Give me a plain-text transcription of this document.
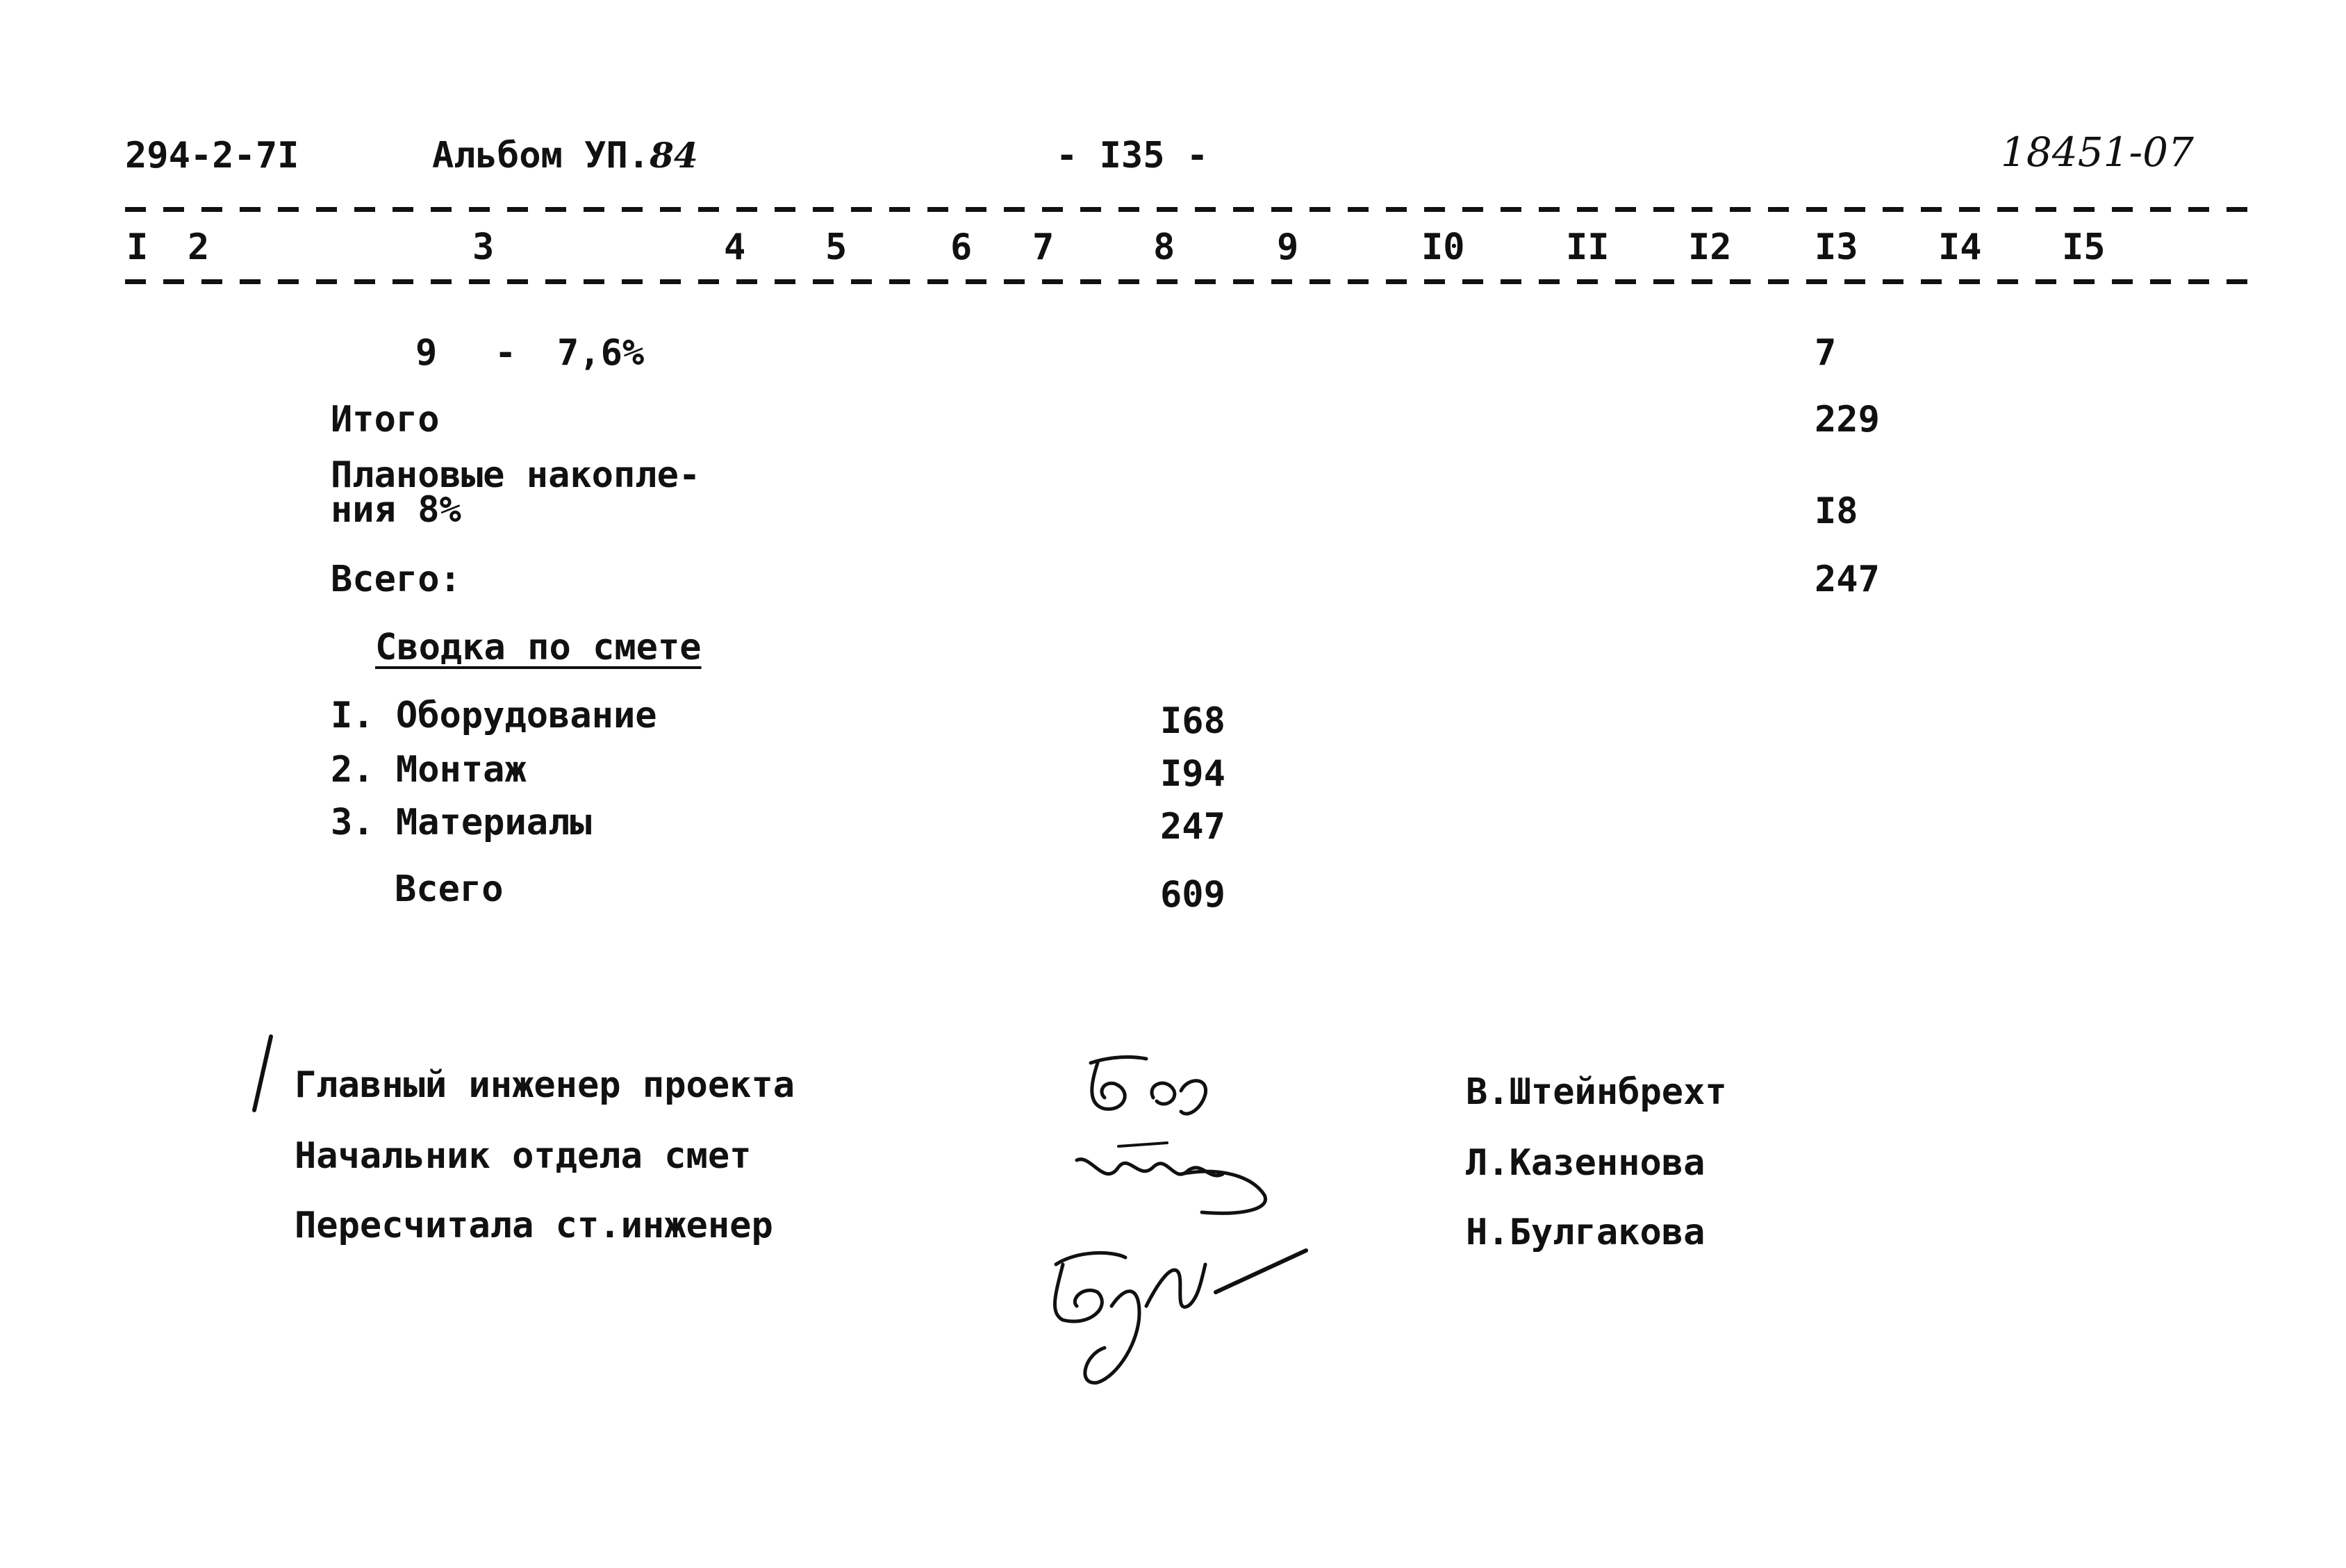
294-2-7I	Альбом УП.84	- I35 -	18451-07
I 2	3	4 5	6 7	8	9	I0	II I2 I3 I4 I5
9 - 7,6%	7
Итого	229
Плановые накопле-
ния 8%	I8
Всего:	247
Сводка по смете
I. Оборудование	I68
2. Монтаж	I94
3. Материалы	247
Всего	609
Главный инженер проекта	В.Штейнбрехт
Начальник отдела смет	Л.Казеннова
Пересчитала ст.инженер	Н.Булгакова
